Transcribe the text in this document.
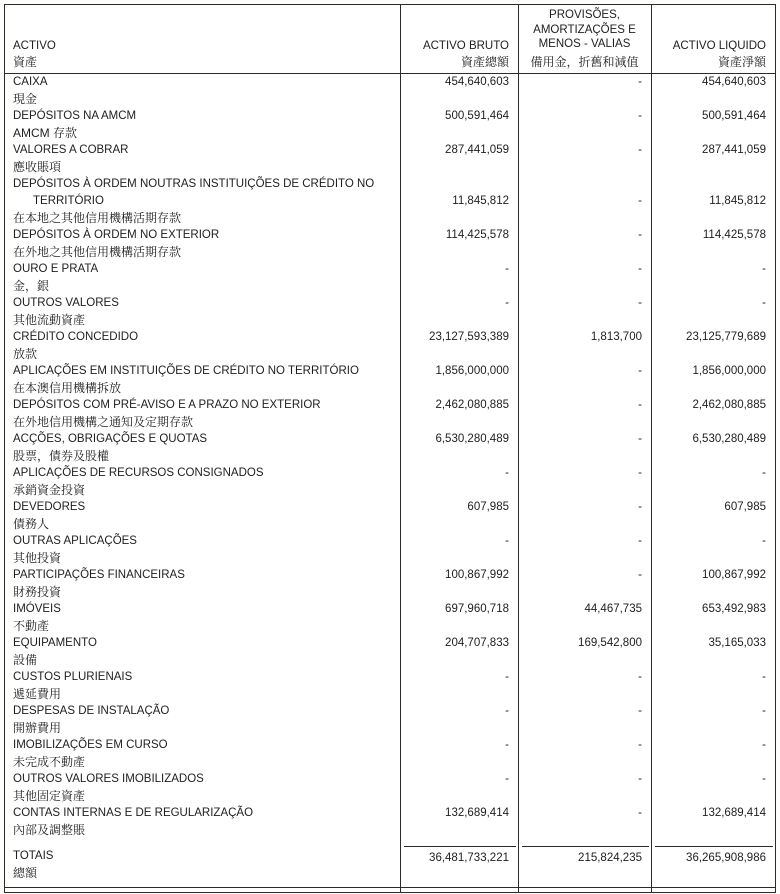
ACTIVO
資產
ACTIVO BRUTO
資產總額
PROVISÕES,
AMORTIZAÇÕES E
MENOS - VALIAS
備用金，折舊和減值
ACTIVO LIQUIDO
資產淨額
CAIXA	454,640,603	-	454,640,603
現金
DEPÓSITOS NA AMCM	500,591,464	-	500,591,464
AMCM 存款
VALORES A COBRAR	287,441,059	-	287,441,059
應收賬項
DEPÓSITOS À ORDEM NOUTRAS INSTITUIÇÕES DE CRÉDITO NO TERRITÓRIO	11,845,812	-	11,845,812
在本地之其他信用機構活期存款
DEPÓSITOS À ORDEM NO EXTERIOR	114,425,578	-	114,425,578
在外地之其他信用機構活期存款
OURO E PRATA	-	-	-
金，銀
OUTROS VALORES	-	-	-
其他流動資產
CRÉDITO CONCEDIDO	23,127,593,389	1,813,700	23,125,779,689
放款
APLICAÇÕES EM INSTITUIÇÕES DE CRÉDITO NO TERRITÓRIO	1,856,000,000	-	1,856,000,000
在本澳信用機構拆放
DEPÓSITOS COM PRÉ-AVISO E A PRAZO NO EXTERIOR	2,462,080,885	-	2,462,080,885
在外地信用機構之通知及定期存款
ACÇÕES, OBRIGAÇÕES E QUOTAS	6,530,280,489	-	6,530,280,489
股票，債券及股權
APLICAÇÕES DE RECURSOS CONSIGNADOS	-	-	-
承銷資金投資
DEVEDORES	607,985	-	607,985
債務人
OUTRAS APLICAÇÕES	-	-	-
其他投資
PARTICIPAÇÕES FINANCEIRAS	100,867,992	-	100,867,992
財務投資
IMÓVEIS	697,960,718	44,467,735	653,492,983
不動產
EQUIPAMENTO	204,707,833	169,542,800	35,165,033
設備
CUSTOS PLURIENAIS	-	-	-
遞延費用
DESPESAS DE INSTALAÇÃO	-	-	-
開辦費用
IMOBILIZAÇÕES EM CURSO	-	-	-
未完成不動產
OUTROS VALORES IMOBILIZADOS	-	-	-
其他固定資產
CONTAS INTERNAS E DE REGULARIZAÇÃO	132,689,414	-	132,689,414
內部及調整賬
TOTAIS
總額
36,481,733,221	215,824,235	36,265,908,986
